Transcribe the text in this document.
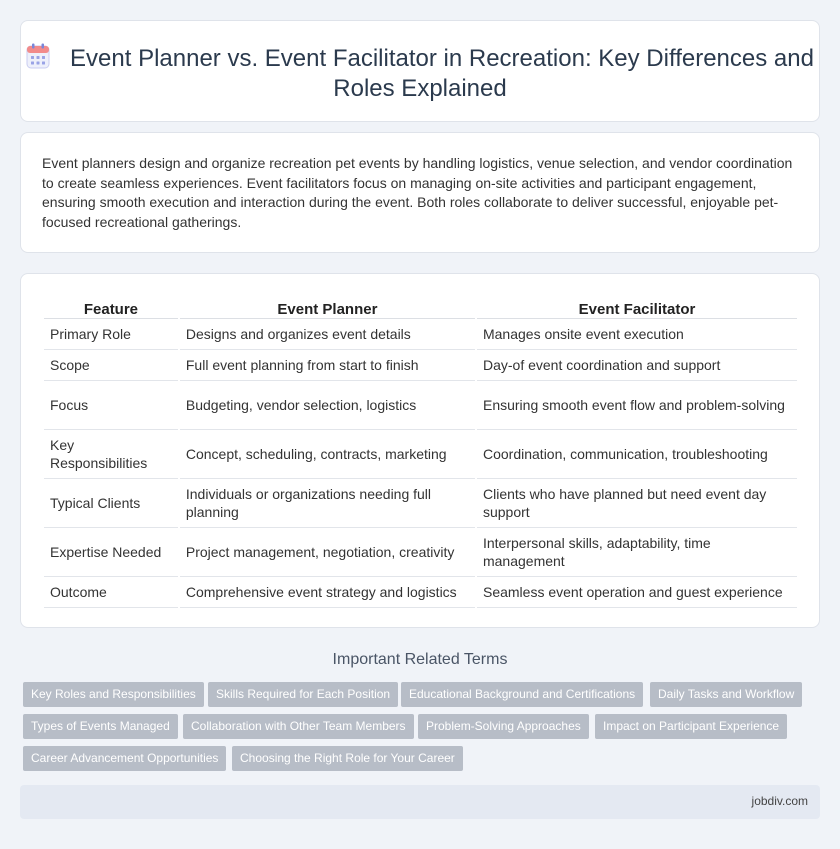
Event Planner vs. Event Facilitator in Recreation: Key Differences and Roles Explained

Event planners design and organize recreation pet events by handling logistics, venue selection, and vendor coordination to create seamless experiences. Event facilitators focus on managing on-site activities and participant engagement, ensuring smooth execution and interaction during the event. Both roles collaborate to deliver successful, enjoyable pet-focused recreational gatherings.

Feature	Event Planner	Event Facilitator
Primary Role	Designs and organizes event details	Manages onsite event execution
Scope	Full event planning from start to finish	Day-of event coordination and support
Focus	Budgeting, vendor selection, logistics	Ensuring smooth event flow and problem-solving
Key Responsibilities	Concept, scheduling, contracts, marketing	Coordination, communication, troubleshooting
Typical Clients	Individuals or organizations needing full planning	Clients who have planned but need event day support
Expertise Needed	Project management, negotiation, creativity	Interpersonal skills, adaptability, time management
Outcome	Comprehensive event strategy and logistics	Seamless event operation and guest experience
Important Related Terms
Key Roles and Responsibilities	Skills Required for Each Position	Educational Background and Certifications	Daily Tasks and Workflow
Types of Events Managed	Collaboration with Other Team Members	Problem-Solving Approaches	Impact on Participant Experience
Career Advancement Opportunities	Choosing the Right Role for Your Career
jobdiv.com
